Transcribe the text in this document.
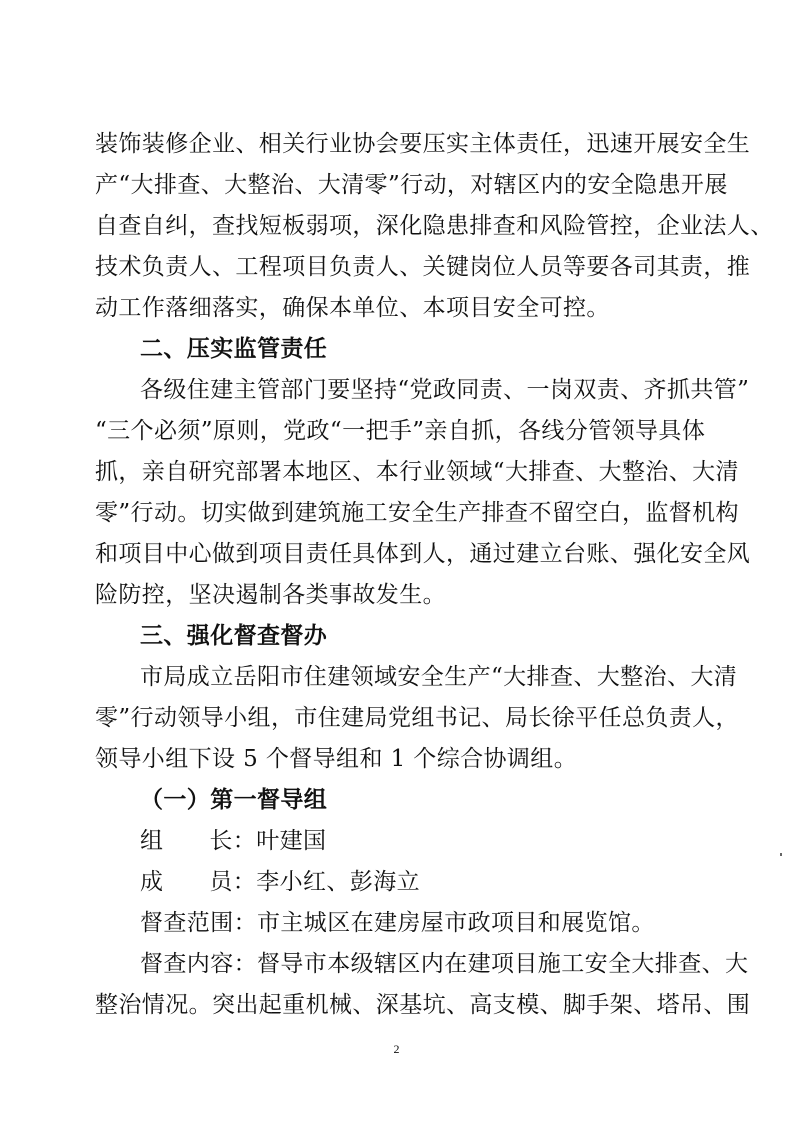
装饰装修企业、相关行业协会要压实主体责任，迅速开展安全生
产“大排查、大整治、大清零”行动，对辖区内的安全隐患开展
自查自纠，查找短板弱项，深化隐患排查和风险管控，企业法人、
技术负责人、工程项目负责人、关键岗位人员等要各司其责，推
动工作落细落实，确保本单位、本项目安全可控。
二、压实监管责任
各级住建主管部门要坚持“党政同责、一岗双责、齐抓共管”
“三个必须”原则，党政“一把手”亲自抓，各线分管领导具体
抓，亲自研究部署本地区、本行业领域“大排查、大整治、大清
零”行动。切实做到建筑施工安全生产排查不留空白，监督机构
和项目中心做到项目责任具体到人，通过建立台账、强化安全风
险防控，坚决遏制各类事故发生。
三、强化督查督办
市局成立岳阳市住建领域安全生产“大排查、大整治、大清
零”行动领导小组，市住建局党组书记、局长徐平任总负责人，
领导小组下设 5 个督导组和 1 个综合协调组。
（一）第一督导组
组 长：叶建国
成 员：李小红、彭海立
督查范围：市主城区在建房屋市政项目和展览馆。
督查内容：督导市本级辖区内在建项目施工安全大排查、大
整治情况。突出起重机械、深基坑、高支模、脚手架、塔吊、围
2
